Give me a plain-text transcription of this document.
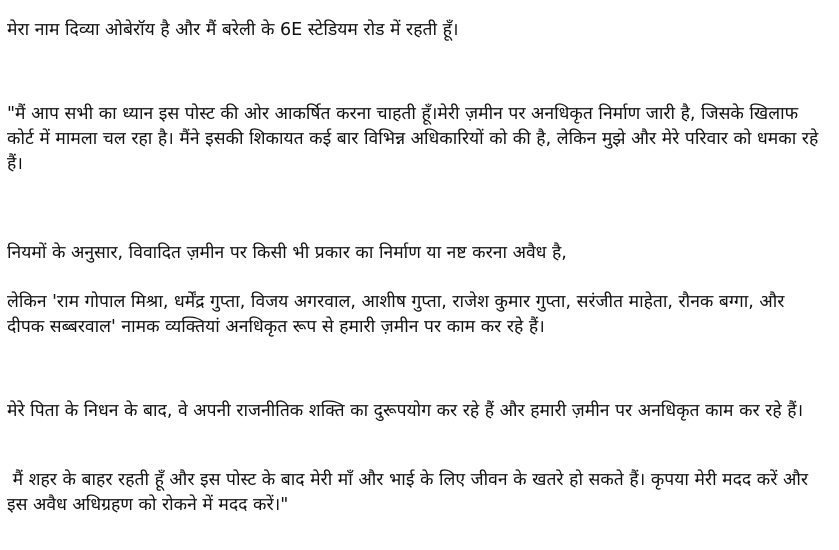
मेरा नाम दिव्या ओबेरॉय है और मैं बरेली के 6E स्टेडियम रोड में रहती हूँ।

"मैं आप सभी का ध्यान इस पोस्ट की ओर आकर्षित करना चाहती हूँ।मेरी ज़मीन पर अनधिकृत निर्माण जारी है, जिसके खिलाफ कोर्ट में मामला चल रहा है। मैंने इसकी शिकायत कई बार विभिन्न अधिकारियों को की है, लेकिन मुझे और मेरे परिवार को धमका रहे हैं।

नियमों के अनुसार, विवादित ज़मीन पर किसी भी प्रकार का निर्माण या नष्ट करना अवैध है,

लेकिन 'राम गोपाल मिश्रा, धर्मेंद्र गुप्ता, विजय अगरवाल, आशीष गुप्ता, राजेश कुमार गुप्ता, सरंजीत माहेता, रौनक बग्गा, और दीपक सब्बरवाल' नामक व्यक्तियां अनधिकृत रूप से हमारी ज़मीन पर काम कर रहे हैं।

मेरे पिता के निधन के बाद, वे अपनी राजनीतिक शक्ति का दुरूपयोग कर रहे हैं और हमारी ज़मीन पर अनधिकृत काम कर रहे हैं।

मैं शहर के बाहर रहती हूँ और इस पोस्ट के बाद मेरी माँ और भाई के लिए जीवन के खतरे हो सकते हैं। कृपया मेरी मदद करें और इस अवैध अधिग्रहण को रोकने में मदद करें।"
